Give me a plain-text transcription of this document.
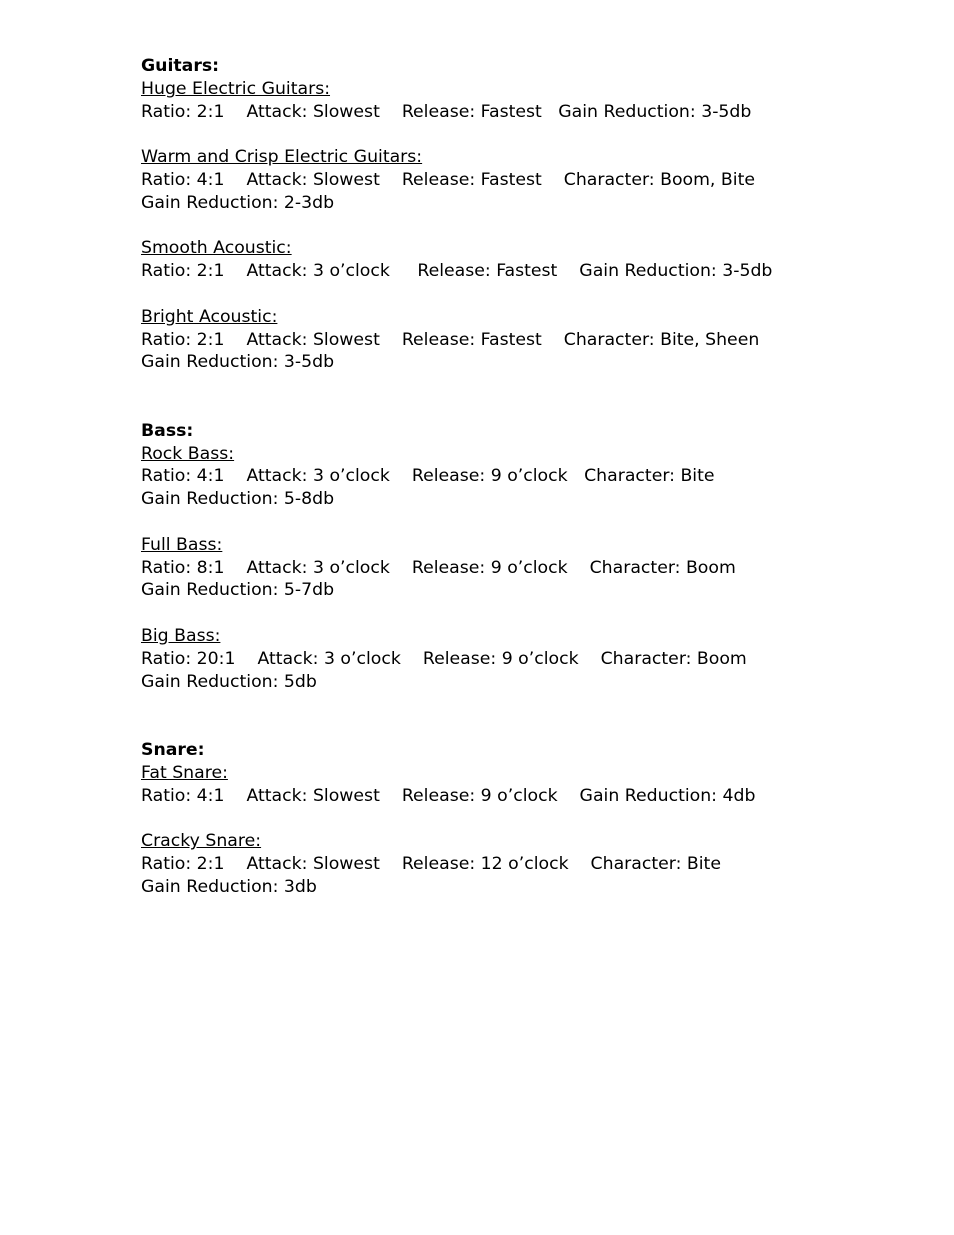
Guitars:

Huge Electric Guitars:

Ratio: 2:1    Attack: Slowest    Release: Fastest   Gain Reduction: 3-5db

Warm and Crisp Electric Guitars:

Ratio: 4:1    Attack: Slowest    Release: Fastest    Character: Boom, Bite

Gain Reduction: 2-3db

Smooth Acoustic:

Ratio: 2:1    Attack: 3 o’clock     Release: Fastest    Gain Reduction: 3-5db

Bright Acoustic:

Ratio: 2:1    Attack: Slowest    Release: Fastest    Character: Bite, Sheen

Gain Reduction: 3-5db

Bass:

Rock Bass:

Ratio: 4:1    Attack: 3 o’clock    Release: 9 o’clock   Character: Bite

Gain Reduction: 5-8db

Full Bass:

Ratio: 8:1    Attack: 3 o’clock    Release: 9 o’clock    Character: Boom

Gain Reduction: 5-7db

Big Bass:

Ratio: 20:1    Attack: 3 o’clock    Release: 9 o’clock    Character: Boom

Gain Reduction: 5db

Snare:

Fat Snare:

Ratio: 4:1    Attack: Slowest    Release: 9 o’clock    Gain Reduction: 4db

Cracky Snare:

Ratio: 2:1    Attack: Slowest    Release: 12 o’clock    Character: Bite

Gain Reduction: 3db
